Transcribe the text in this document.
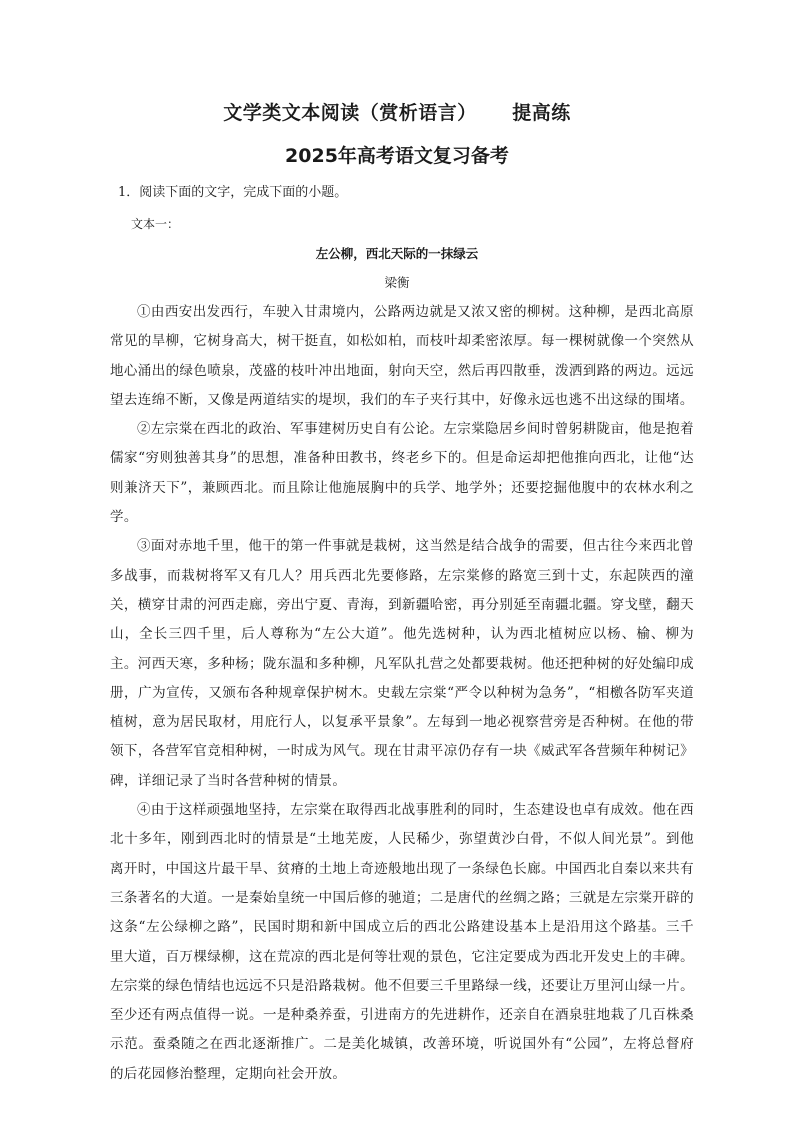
文学类文本阅读（赏析语言）     提高练
2025年高考语文复习备考
1．阅读下面的文字，完成下面的小题。
文本一：
左公柳，西北天际的一抹绿云
梁衡

①由西安出发西行，车驶入甘肃境内，公路两边就是又浓又密的柳树。这种柳，是西北高原常见的旱柳，它树身高大，树干挺直，如松如柏，而枝叶却柔密浓厚。每一棵树就像一个突然从地心涌出的绿色喷泉，茂盛的枝叶冲出地面，射向天空，然后再四散垂，泼洒到路的两边。远远望去连绵不断，又像是两道结实的堤坝，我们的车子夹行其中，好像永远也逃不出这绿的围堵。

②左宗棠在西北的政治、军事建树历史自有公论。左宗棠隐居乡间时曾躬耕陇亩，他是抱着儒家“穷则独善其身”的思想，准备种田教书，终老乡下的。但是命运却把他推向西北，让他“达则兼济天下”，兼顾西北。而且除让他施展胸中的兵学、地学外；还要挖掘他腹中的农林水利之学。

③面对赤地千里，他干的第一件事就是栽树，这当然是结合战争的需要，但古往今来西北曾多战事，而栽树将军又有几人？用兵西北先要修路，左宗棠修的路宽三到十丈，东起陕西的潼关，横穿甘肃的河西走廊，旁出宁夏、青海，到新疆哈密，再分别延至南疆北疆。穿戈壁，翻天山，全长三四千里，后人尊称为“左公大道”。他先选树种，认为西北植树应以杨、榆、柳为主。河西天寒，多种杨；陇东温和多种柳，凡军队扎营之处都要栽树。他还把种树的好处编印成册，广为宣传，又颁布各种规章保护树木。史载左宗棠“严令以种树为急务”，“相檄各防军夹道植树，意为居民取材，用庇行人，以复承平景象”。左每到一地必视察营旁是否种树。在他的带领下，各营军官竞相种树，一时成为风气。现在甘肃平凉仍存有一块《威武军各营频年种树记》碑，详细记录了当时各营种树的情景。

④由于这样顽强地坚持，左宗棠在取得西北战事胜利的同时，生态建设也卓有成效。他在西北十多年，刚到西北时的情景是“土地芜废，人民稀少，弥望黄沙白骨，不似人间光景”。到他离开时，中国这片最干旱、贫瘠的土地上奇迹般地出现了一条绿色长廊。中国西北自秦以来共有三条著名的大道。一是秦始皇统一中国后修的驰道；二是唐代的丝绸之路；三就是左宗棠开辟的这条“左公绿柳之路”，民国时期和新中国成立后的西北公路建设基本上是沿用这个路基。三千里大道，百万棵绿柳，这在荒凉的西北是何等壮观的景色，它注定要成为西北开发史上的丰碑。左宗棠的绿色情结也远远不只是沿路栽树。他不但要三千里路绿一线，还要让万里河山绿一片。至少还有两点值得一说。一是种桑养蚕，引进南方的先进耕作，还亲自在酒泉驻地栽了几百株桑示范。蚕桑随之在西北逐渐推广。二是美化城镇，改善环境，听说国外有“公园”，左将总督府的后花园修治整理，定期向社会开放。
